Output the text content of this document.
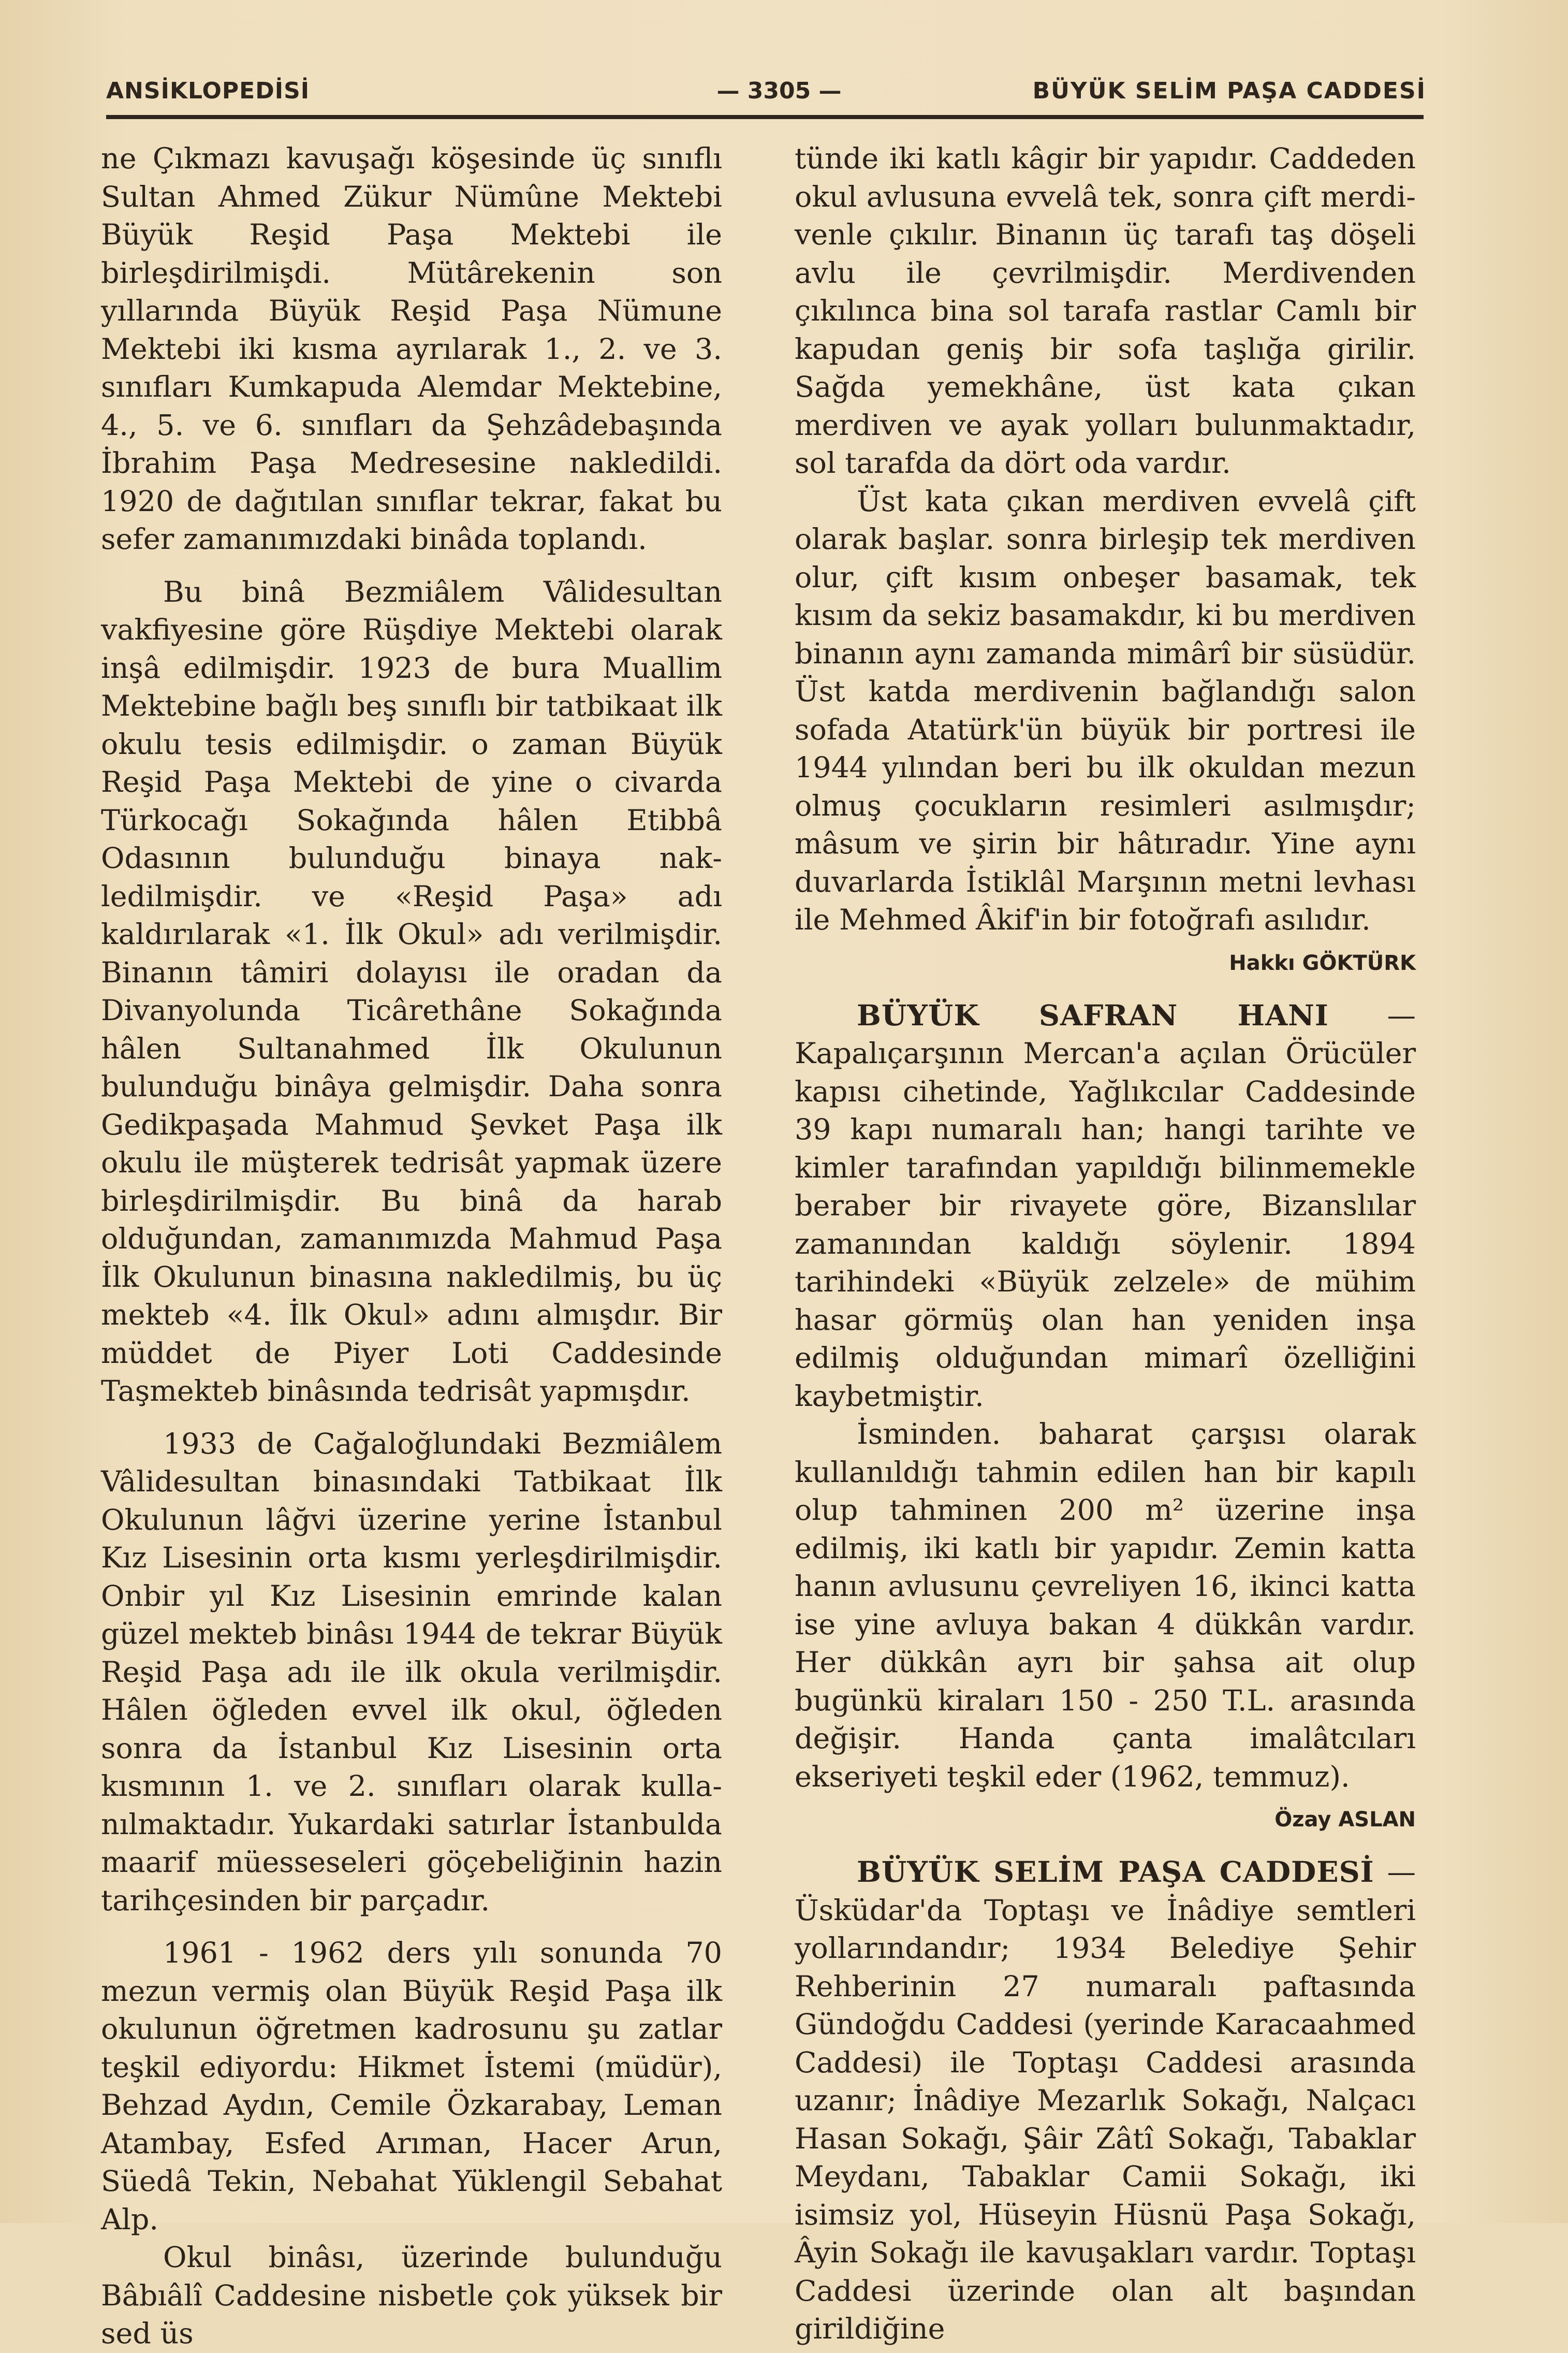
ANSİKLOPEDİSİ	— 3305 —	BÜYÜK SELİM PAŞA CADDESİ

ne Çıkmazı kavuşağı köşesinde üç sınıflı Sultan Ahmed Zükur Nümûne Mektebi Büyük Reşid Paşa Mektebi ile birleşdirilmişdi. Mütârekenin son yıllarında Büyük Reşid Paşa Nümune Mektebi iki kısma ayrılarak 1., 2. ve 3. sınıfları Kumkapuda Alemdar Mektebine, 4., 5. ve 6. sınıfları da Şehzâdebaşında İbrahim Paşa Medresesine nakledildi. 1920 de dağıtılan sınıflar tekrar, fakat bu sefer zamanımızdaki binâda toplandı.

Bu binâ Bezmiâlem Vâlidesultan vakfiyesine göre Rüşdiye Mektebi olarak inşâ edilmişdir. 1923 de bura Muallim Mektebine bağlı beş sınıflı bir tatbikaat ilk okulu tesis edilmişdir. o zaman Büyük Reşid Paşa Mektebi de yine o civarda Türkocağı Sokağında hâlen Etibbâ Odasının bulunduğu binaya nakledilmişdir. ve «Reşid Paşa» adı kaldırılarak «1. İlk Okul» adı verilmişdir. Binanın tâmiri dolayısı ile oradan da Divanyolunda Ticârethâne Sokağında hâlen Sultanahmed İlk Okulunun bulunduğu binâya gelmişdir. Daha sonra Gedikpaşada Mahmud Şevket Paşa ilk okulu ile müşterek tedrisât yapmak üzere birleşdirilmişdir. Bu binâ da harab olduğundan, zamanımızda Mahmud Paşa İlk Okulunun binasına nakledilmiş, bu üç mekteb «4. İlk Okul» adını almışdır. Bir müddet de Piyer Loti Caddesinde Taşmekteb binâsında tedrisât yapmışdır.

1933 de Cağaloğlundaki Bezmiâlem Vâlidesultan binasındaki Tatbikaat İlk Okulunun lâğvi üzerine yerine İstanbul Kız Lisesinin orta kısmı yerleşdirilmişdir. Onbir yıl Kız Lisesinin emrinde kalan güzel mekteb binâsı 1944 de tekrar Büyük Reşid Paşa adı ile ilk okula verilmişdir. Hâlen öğleden evvel ilk okul, öğleden sonra da İstanbul Kız Lisesinin orta kısmının 1. ve 2. sınıfları olarak kullanılmaktadır. Yukardaki satırlar İstanbulda maarif müesseseleri göçebeliğinin hazin tarihçesinden bir parçadır.

1961 - 1962 ders yılı sonunda 70 mezun vermiş olan Büyük Reşid Paşa ilk okulunun öğretmen kadrosunu şu zatlar teşkil ediyordu: Hikmet İstemi (müdür), Behzad Aydın, Cemile Özkarabay, Leman Atambay, Esfed Arıman, Hacer Arun, Süedâ Tekin, Nebahat Yüklengil Sebahat Alp.

Okul binâsı, üzerinde bulunduğu Bâbıâlî Caddesine nisbetle çok yüksek bir sed üs

tünde iki katlı kâgir bir yapıdır. Caddeden okul avlusuna evvelâ tek, sonra çift merdivenle çıkılır. Binanın üç tarafı taş döşeli avlu ile çevrilmişdir. Merdivenden çıkılınca bina sol tarafa rastlar Camlı bir kapudan geniş bir sofa taşlığa girilir. Sağda yemekhâne, üst kata çıkan merdiven ve ayak yolları bulunmaktadır, sol tarafda da dört oda vardır.

Üst kata çıkan merdiven evvelâ çift olarak başlar. sonra birleşip tek merdiven olur, çift kısım onbeşer basamak, tek kısım da sekiz basamakdır, ki bu merdiven binanın aynı zamanda mimârî bir süsüdür. Üst katda merdivenin bağlandığı salon sofada Atatürk'ün büyük bir portresi ile 1944 yılından beri bu ilk okuldan mezun olmuş çocukların resimleri asılmışdır; mâsum ve şirin bir hâtıradır. Yine aynı duvarlarda İstiklâl Marşının metni levhası ile Mehmed Âkif'in bir fotoğrafı asılıdır.

Hakkı GÖKTÜRK

BÜYÜK SAFRAN HANI — Kapalıçarşının Mercan'a açılan Örücüler kapısı cihetinde, Yağlıkcılar Caddesinde 39 kapı numaralı han; hangi tarihte ve kimler tarafından yapıldığı bilinmemekle beraber bir rivayete göre, Bizanslılar zamanından kaldığı söylenir. 1894 tarihindeki «Büyük zelzele» de mühim hasar görmüş olan han yeniden inşa edilmiş olduğundan mimarî özelliğini kaybetmiştir.

İsminden. baharat çarşısı olarak kullanıldığı tahmin edilen han bir kapılı olup tahminen 200 m² üzerine inşa edilmiş, iki katlı bir yapıdır. Zemin katta hanın avlusunu çevreliyen 16, ikinci katta ise yine avluya bakan 4 dükkân vardır. Her dükkân ayrı bir şahsa ait olup bugünkü kiraları 150 - 250 T.L. arasında değişir. Handa çanta imalâtcıları ekseriyeti teşkil eder (1962, temmuz).

Özay ASLAN

BÜYÜK SELİM PAŞA CADDESİ — Üsküdar'da Toptaşı ve İnâdiye semtleri yollarındandır; 1934 Belediye Şehir Rehberinin 27 numaralı paftasında Gündoğdu Caddesi (yerinde Karacaahmed Caddesi) ile Toptaşı Caddesi arasında uzanır; İnâdiye Mezarlık Sokağı, Nalçacı Hasan Sokağı, Şâir Zâtî Sokağı, Tabaklar Meydanı, Tabaklar Camii Sokağı, iki isimsiz yol, Hüseyin Hüsnü Paşa Sokağı, Âyin Sokağı ile kavuşakları vardır. Toptaşı Caddesi üzerinde olan alt başından girildiğine
